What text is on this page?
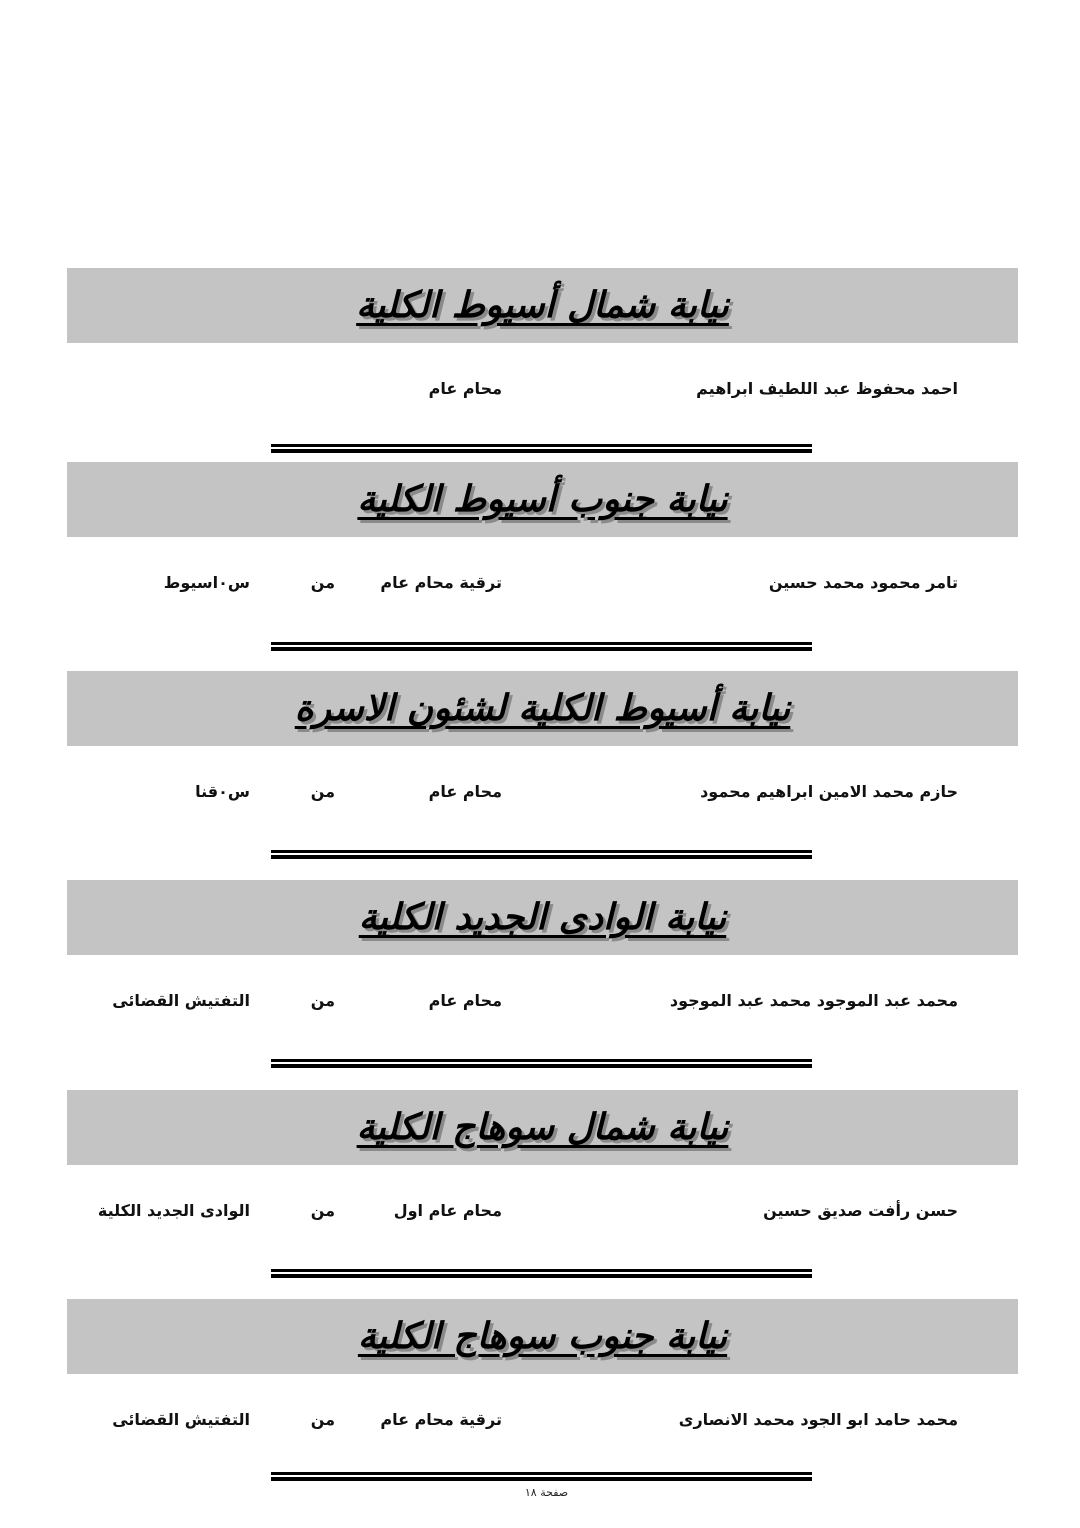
نيابة شمال أسيوط الكلية
احمد محفوظ عبد اللطيف ابراهيم
محام عام
نيابة جنوب أسيوط الكلية
تامر محمود محمد حسين
ترقية محام عام
من
س٠اسيوط
نيابة أسيوط الكلية لشئون الاسرة
حازم محمد الامين ابراهيم محمود
محام عام
من
س٠قنا
نيابة الوادى الجديد الكلية
محمد عبد الموجود محمد عبد الموجود
محام عام
من
التفتيش القضائى
نيابة شمال سوهاج الكلية
حسن رأفت صديق حسين
محام عام اول
من
الوادى الجديد الكلية
نيابة جنوب سوهاج الكلية
محمد حامد ابو الجود محمد الانصارى
ترقية محام عام
من
التفتيش القضائى
صفحة ١٨
